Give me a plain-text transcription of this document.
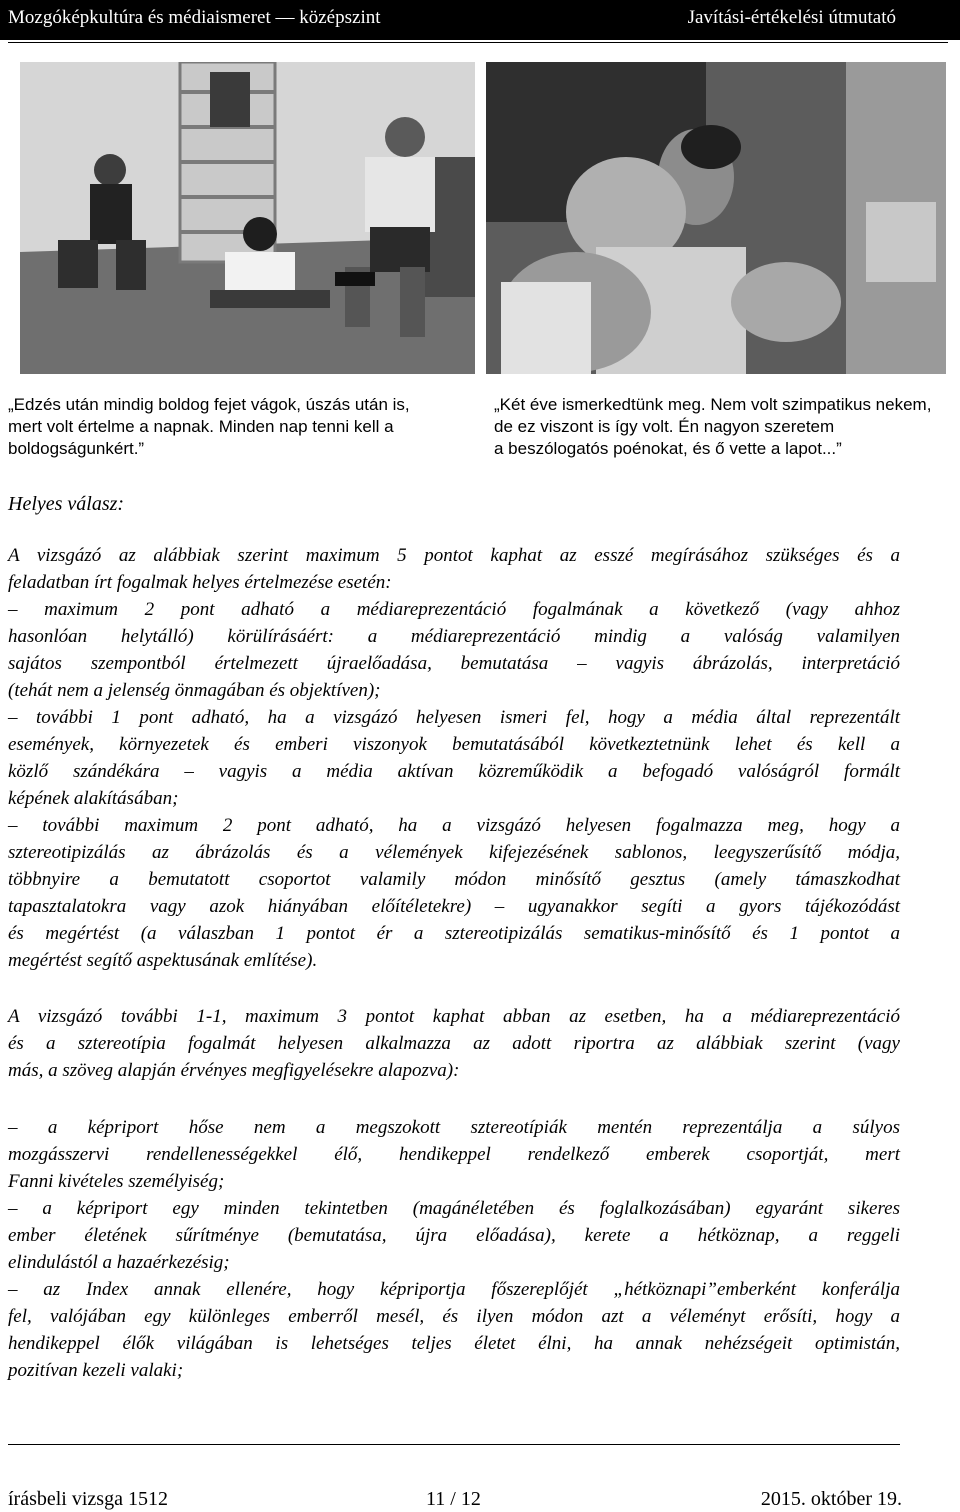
Mozgóképkultúra és médiaismeret — középszint	Javítási-értékelési útmutató
„Edzés után mindig boldog fejet vágok, úszás után is,
mert volt értelme a napnak. Minden nap tenni kell a
boldogságunkért.”
„Két éve ismerkedtünk meg. Nem volt szimpatikus nekem,
de ez viszont is így volt. Én nagyon szeretem
a beszólogatós poénokat, és ő vette a lapot...”
Helyes válasz:
A vizsgázó az alábbiak szerint maximum 5 pontot kaphat az esszé megírásához szükséges és a
feladatban írt fogalmak helyes értelmezése esetén:
– maximum 2 pont adható a médiareprezentáció fogalmának a következő (vagy ahhoz
hasonlóan helytálló) körülírásáért: a médiareprezentáció mindig a valóság valamilyen
sajátos szempontból értelmezett újraelőadása, bemutatása – vagyis ábrázolás, interpretáció
(tehát nem a jelenség önmagában és objektíven);
– további 1 pont adható, ha a vizsgázó helyesen ismeri fel, hogy a média által reprezentált
események, környezetek és emberi viszonyok bemutatásából következtetnünk lehet és kell a
közlő szándékára – vagyis a média aktívan közreműködik a befogadó valóságról formált
képének alakításában;
– további maximum 2 pont adható, ha a vizsgázó helyesen fogalmazza meg, hogy a
sztereotipizálás az ábrázolás és a vélemények kifejezésének sablonos, leegyszerűsítő módja,
többnyire a bemutatott csoportot valamily módon minősítő gesztus (amely támaszkodhat
tapasztalatokra vagy azok hiányában előítéletekre) – ugyanakkor segíti a gyors tájékozódást
és megértést (a válaszban 1 pontot ér a sztereotipizálás sematikus-minősítő és 1 pontot a
megértést segítő aspektusának említése).
A vizsgázó további 1-1, maximum 3 pontot kaphat abban az esetben, ha a médiareprezentáció
és a sztereotípia fogalmát helyesen alkalmazza az adott riportra az alábbiak szerint (vagy
más, a szöveg alapján érvényes megfigyelésekre alapozva):
– a képriport hőse nem a megszokott sztereotípiák mentén reprezentálja a súlyos
mozgásszervi rendellenességekkel élő, hendikeppel rendelkező emberek csoportját, mert
Fanni kivételes személyiség;
– a képriport egy minden tekintetben (magánéletében és foglalkozásában) egyaránt sikeres
ember életének sűrítménye (bemutatása, újra előadása), kerete a hétköznap, a reggeli
elindulástól a hazaérkezésig;
– az Index annak ellenére, hogy képriportja főszereplőjét „hétköznapi”emberként konferálja
fel, valójában egy különleges emberről mesél, és ilyen módon azt a véleményt erősíti, hogy a
hendikeppel élők világában is lehetséges teljes életet élni, ha annak nehézségeit optimistán,
pozitívan kezeli valaki;
írásbeli vizsga 1512	11 / 12	2015. október 19.
